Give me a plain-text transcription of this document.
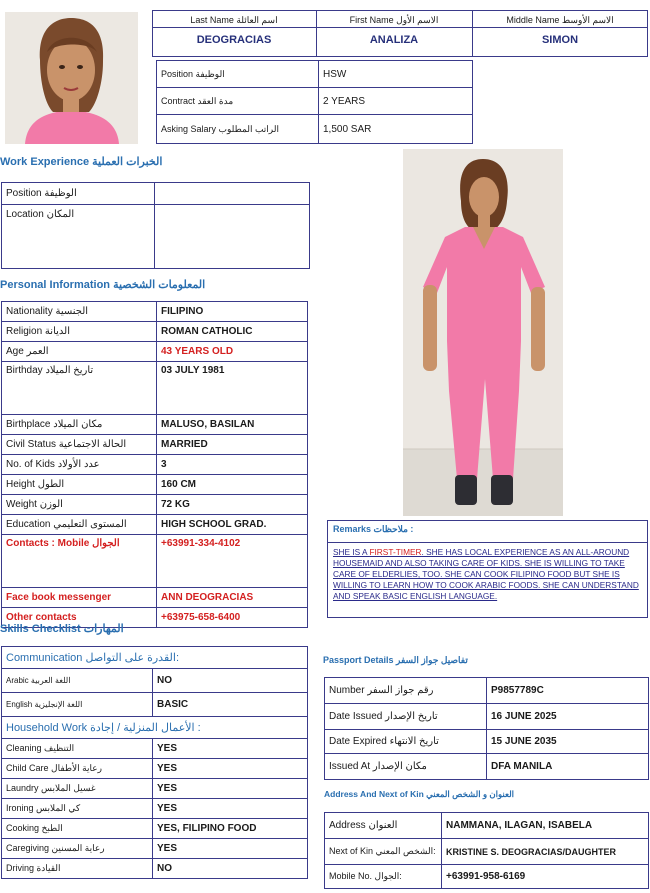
Last Name اسم العائلة	First Name الاسم الأول	Middle Name الاسم الأوسط
DEOGRACIAS	ANALIZA	SIMON
Position الوظيفة	HSW
Contract مدة العقد	2 YEARS
Asking Salary الراتب المطلوب	1,500 SAR
Work Experience الخبرات العملية
Position الوظيفة	
Location المكان	
Personal Information المعلومات الشخصية
Nationality الجنسية	FILIPINO
Religion الديانة	ROMAN CATHOLIC
Age العمر	43 YEARS OLD
Birthday تاريخ الميلاد	03 JULY 1981
Birthplace مكان الميلاد	MALUSO, BASILAN
Civil Status الحالة الاجتماعية	MARRIED
No. of Kids عدد الأولاد	3
Height الطول	160 CM
Weight الوزن	72 KG
Education المستوى التعليمي	HIGH SCHOOL GRAD.
Contacts : Mobile الجوال	+63991-334-4102
Face book messenger	ANN DEOGRACIAS
Other contacts	+63975-658-6400
Skills Checklist المهارات
Communication القدرة على التواصل:	
Arabic اللغة العربية	NO
English اللغة الإنجليزية	BASIC
Household Work الأعمال المنزلية / إجادة :	
Cleaning التنظيف	YES
Child Care رعاية الأطفال	YES
Laundry غسيل الملابس	YES
Ironing كي الملابس	YES
Cooking الطبخ	YES, FILIPINO FOOD
Caregiving رعاية المسنين	YES
Driving القيادة	NO
Remarks ملاحظات :
SHE IS A FIRST-TIMER. SHE HAS LOCAL EXPERIENCE AS AN ALL-AROUND HOUSEMAID AND ALSO TAKING CARE OF KIDS. SHE IS WILLING TO TAKE CARE OF ELDERLIES, TOO. SHE CAN COOK FILIPINO FOOD BUT SHE IS WILLING TO LEARN HOW TO COOK ARABIC FOODS. SHE CAN UNDERSTAND AND SPEAK BASIC ENGLISH LANGUAGE.
Passport Details تفاصيل جواز السفر
Number رقم جواز السفر	P9857789C
Date Issued تاريخ الإصدار	16 JUNE 2025
Date Expired تاريخ الانتهاء	15 JUNE 2035
Issued At مكان الإصدار	DFA MANILA
Address And Next of Kin العنوان و الشخص المعني
Address العنوان	NAMMANA, ILAGAN, ISABELA
Next of Kin الشخص المعني:	KRISTINE S. DEOGRACIAS/DAUGHTER
Mobile No. الجوال:	+63991-958-6169
